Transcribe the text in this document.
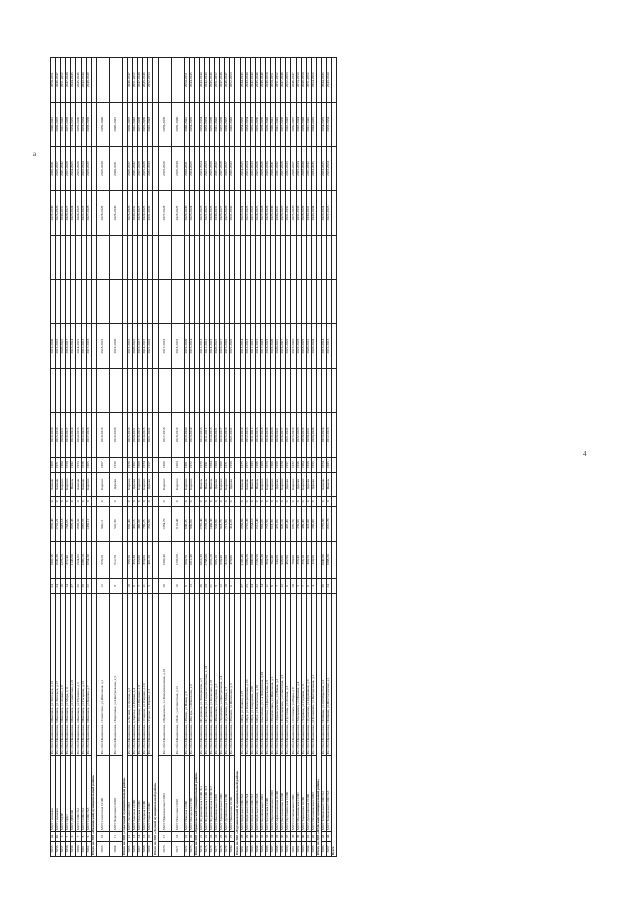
a
4
5055	4а	МОУ гимназия	Рос.Обл.Ивановская, г.Ивановск, ул.Энгельса, д.15	24	1892,56	1655,40	0	Каменн	1969	2019-2020		2019-2020			2029-2030	2030-2031	2040-2041	2050-2051
5056	4б	МОУ гимназия	Рос.Обл.Ивановская, г.Ивановск, ул.Энгельса, д.17	24	1945,30	1710,22	0	Каменн	1971	2015-2016		2015-2016			2025-2026	2026-2027	2036-2037	2046-2047
5057	3	МОУ ГЦЭР	Рос.Обл.Ивановская, г.Ивановск, ул.Ленина, д.9	19	1276,20	1045,18	0	Кирпич	1960	2020-2021		2020-2021			2030-2031	2031-2032	2041-2042	2051-2052
5058	5	МОУ ЦДО	Рос.Обл.Ивановская, г.Ивановск, ул.Мира, д.11	14	872,40	703,65	0	Кирпич	1958	2016-2017		2016-2017			2026-2027	2027-2028	2037-2038	2047-2048
5059	6	МОУ ДЮСШ	Рос.Обл.Ивановская, г.Ивановск, ул.Советская, д.21	27	2145,90	1876,45	0	Панель	1982	2013-2014		2013-2014			2023-2024	2024-2025	2034-2035	2044-2045
5060	7	МОУ СОШ №1	Рос.Обл.Ивановская, г.Ивановск, ул.Пушкина, д.3	25	1924,63	1698,02	0	Каменн	1973	2014-2015		2014-2015			2024-2025	2025-2026	2035-2036	2045-2046
5061	8	МОУ СОШ №2	Рос.Обл.Ивановская, г.Ивановск, ул.Гагарина, д.13	28	2260,10	1987,55	0	Каменн	1976	2012-2013		2012-2013			2022-2023	2023-2024	2033-2034	2043-2044
5062	9	МОУ СОШ №3	Рос.Обл.Ивановская, г.Ивановск, ул.Кирова, д.7	22	1654,34	1450,12	0	Кирпич	1965	2017-2018		2017-2018			2027-2028	2028-2029	2038-2039	2048-2049
Итого по МО «Ивановский муниципальный район»																		
5063	10	МОУ Советская СОШ	Рос.Обл.Ивановская, с.Советское, ул.Школьная, д.1	12	958,20	842,11	0	Кирпич	1967	2018-2019		2018-2019			2028-2029	2029-2030	2039-2040	
5064	11	МОУ Береговая ООШ	Рос.Обл.Ивановская, с.Береговое, ул.Центральная, д.5	8	612,70	541,30	0	Дерево	1959	2019-2020		2019-2020			2029-2030	2030-2031	2040-2041	
Итого по МО «Советский муниципальный район»																		
5065	12	МОУ Лесная СОШ	Рос.Обл.Ивановская, п.Лесной, ул.Лесная, д.2	10	788,50	692,40	0	Кирпич	1970	2015-2016		2015-2016			2025-2026	2026-2027	2036-2037	2046-2047
5066	13	МОУ Заречная ООШ	Рос.Обл.Ивановская, д.Заречье, ул.Речная, д.4	6	455,30	401,15	0	Дерево	1962	2020-2021		2020-2021			2030-2031	2031-2032	2041-2042	2051-2052
5067	14	МОУ Полевая ООШ	Рос.Обл.Ивановская, с.Полевое, ул.Полевая, д.8	7	523,80	466,90	0	Кирпич	1968	2016-2017		2016-2017			2026-2027	2027-2028	2037-2038	2047-2048
5068	15	МОУ Озерная СОШ	Рос.Обл.Ивановская, с.Озерное, ул.Озерная, д.10	11	874,60	769,25	0	Кирпич	1974	2014-2015		2014-2015			2024-2025	2025-2026	2035-2036	2045-2046
5069	16	МОУ Горная ООШ	Рос.Обл.Ивановская, с.Горное, ул.Горная, д.3	5	401,20	352,80	0	Дерево	1957	2021-2022		2021-2022			2031-2032	2032-2033	2042-2043	2052-2053
Итого по МО «Лесной муниципальный район»																		
5070	17	МОУ Приволжская СОШ	Рос.Обл.Ивановская, г.Приволжск, ул.Революционная, д.18	20	1566,40	1384,70	0	Кирпич	1966	2017-2018		2017-2018			2027-2028	2028-2029	2038-2039	
5071	18	МОУ Плесская СОШ	Рос.Обл.Ивановская, г.Плёс, ул.Советская, д.12	16	1256,90	1110,40	0	Кирпич	1963	2018-2019		2018-2019			2028-2029	2029-2030	2039-2040	
5072	19	МОУ Новская ООШ	Рос.Обл.Ивановская, с.Новое, ул.Новая, д.6	9	690,70	608,35	0	Кирпич	1961	2019-2020		2019-2020			2029-2030	2030-2031	2040-2041	2050-2051
5073	20	МОУ Ингарская СОШ	Рос.Обл.Ивановская, с.Ингарь, ул.Школьная, д.9	13	1012,40	890,60	0	Кирпич	1972	2013-2014		2013-2014			2023-2024	2024-2025	2034-2035	2044-2045
Итого по МО «Приволжский муниципальный район»																		
5074	21	МОУ Фурмановская СОШ №1	Рос.Обл.Ивановская, г.Фурманов, ул.Тимирязева, д.5	26	2010,30	1765,40	0	Панель	1979	2012-2013		2012-2013			2022-2023	2023-2024	2033-2034	2043-2044
5075	22	МОУ Фурмановская СОШ №3	Рос.Обл.Ивановская, г.Фурманов, ул.Социалистическая, д.14	23	1788,60	1570,20	0	Панель	1981	2011-2012		2011-2012			2021-2022	2022-2023	2032-2033	2042-2043
5076	23	МОУ Фурмановская СОШ №7	Рос.Обл.Ивановская, г.Фурманов, ул.Колосова, д.22	21	1655,20	1460,30	0	Панель	1984	2014-2015		2014-2015			2024-2025	2025-2026	2035-2036	2045-2046
5077	24	МОУ Иванковская ООШ	Рос.Обл.Ивановская, с.Иванково, ул.Садовая, д.2	8	605,10	533,90	0	Дерево	1960	2020-2021		2020-2021			2030-2031	2031-2032	2041-2042	2051-2052
5078	25	МОУ Хромцовская СОШ	Рос.Обл.Ивановская, с.Хромцово, ул.Центральная, д.4	12	930,40	818,70	0	Кирпич	1969	2016-2017		2016-2017			2026-2027	2027-2028	2037-2038	2047-2048
5079	26	МОУ Дуляпинская СОШ	Рос.Обл.Ивановская, с.Дуляпино, ул.Мира, д.7	10	812,60	715,80	0	Кирпич	1971	2015-2016		2015-2016			2025-2026	2026-2027	2036-2037	2046-2047
5080	27	МОУ Панинская ООШ	Рос.Обл.Ивановская, с.Панино, ул.Школьная, д.3	6	470,80	414,20	0	Дерево	1958	2021-2022		2021-2022			2031-2032	2032-2033	2042-2043	2052-2053
Итого по МО «Фурмановский муниципальный район»																		
5081	28	МОУ Шуйская СОШ №2	Рос.Обл.Ивановская, г.Шуя, ул.Ленина, д.27	27	2105,40	1850,60	0	Каменн	1975	2013-2014		2013-2014			2023-2024	2024-2025	2034-2035	2044-2045
5082	29	МОУ Шуйская СОШ №4	Рос.Обл.Ивановская, г.Шуя, ул.Кооперативная, д.10	25	1960,20	1722,30	0	Каменн	1977	2012-2013		2012-2013			2022-2023	2023-2024	2033-2034	2043-2044
5083	30	МОУ Шуйская СОШ №7	Рос.Обл.Ивановская, г.Шуя, ул.Свердлова, д.99	24	1880,90	1654,10	0	Панель	1983	2011-2012		2011-2012			2021-2022	2022-2023	2032-2033	2042-2043
5084	31	МОУ Шуйская СОШ №8	Рос.Обл.Ивановская, г.Шуя, ул.Вокзальная, д.16	22	1720,50	1512,40	0	Панель	1986	2014-2015		2014-2015			2024-2025	2025-2026	2035-2036	2045-2046
5085	32	МОУ Колобовская СОШ	Рос.Обл.Ивановская, п.Колобово, ул.1-я Фабричная, д.34	14	1095,30	963,20	0	Кирпич	1968	2017-2018		2017-2018			2027-2028	2028-2029	2038-2039	2048-2049
5086	33	МОУ Китовская СОШ	Рос.Обл.Ивановская, с.Китово, ул.Центральная, д.8	11	860,70	757,50	0	Кирпич	1973	2018-2019		2018-2019			2028-2029	2029-2030	2039-2040	2049-2050
5087	34	МОУ Перемиловская СОШ	Рос.Обл.Ивановская, с.Перемилово, ул.Школьная, д.1	9	702,40	618,30	0	Кирпич	1966	2019-2020		2019-2020			2029-2030	2030-2031	2040-2041	2050-2051
5088	35	МОУ Афанасьевская ООШ	Рос.Обл.Ивановская, с.Афанасьевское, ул.Новая, д.2	7	540,20	475,60	0	Дерево	1959	2020-2021		2020-2021			2030-2031	2031-2032	2041-2042	2051-2052
5089	36	МОУ Васильевская СОШ	Рос.Обл.Ивановская, с.Васильевское, ул.Советская, д.5	12	938,80	826,10	0	Кирпич	1970	2016-2017		2016-2017			2026-2027	2027-2028	2037-2038	2047-2048
5090	37	МОУ Пустошенская ООШ	Рос.Обл.Ивановская, д.Пустошь, ул.Лесная, д.3	6	462,90	407,40	0	Дерево	1957	2021-2022		2021-2022			2031-2032	2032-2033	2042-2043	2052-2053
5091	38	МОУ Остаповская СОШ	Рос.Обл.Ивановская, с.Остапово, ул.Мира, д.9	10	790,60	695,70	0	Кирпич	1972	2015-2016		2015-2016			2025-2026	2026-2027	2036-2037	2046-2047
5092	39	МОУ Милюковская ООШ	Рос.Обл.Ивановская, с.Милюково, ул.Полевая, д.4	5	398,40	350,60	0	Дерево	1956	2022-2023		2022-2023			2032-2033	2033-2034	2043-2044	2053-2054
5093	40	МОУ Харинская ООШ	Рос.Обл.Ивановская, с.Харинка, ул.Садовая, д.11	7	556,10	489,40	0	Кирпич	1964	2018-2019		2018-2019			2028-2029	2029-2030	2039-2040	2049-2050
5094	41	МОУ Дуниловская ООШ	Рос.Обл.Ивановская, с.Дунилово, ул.Церковная, д.6	6	480,70	423,00	0	Дерево	1958	2020-2021		2020-2021			2030-2031	2031-2032	2041-2042	2051-2052
5095	42	МОУ Печниковская ООШ	Рос.Обл.Ивановская, д.Печниково, ул.Центральная, д.1	4	320,50	282,00	0	Дерево	1955	2023-2024		2023-2024			2033-2034	2034-2035	2044-2045	2054-2055
Итого по МО «Шуйский муниципальный район»																		
5096	43	МОУ Тейковская СОШ №1	Рос.Обл.Ивановская, г.Тейково, ул.Октябрьская, д.2	26	2040,80	1795,90	0	Каменн	1974	2013-2014		2013-2014			2023-2024	2024-2025	2034-2035	2044-2045
5097	44	МОУ Тейковская СОШ №3	Рос.Обл.Ивановская, г.Тейково, ул.Шестагинская, д.1	24	1888,30	1661,70	0	Панель	1985	2012-2013		2012-2013			2022-2023	2023-2024	2033-2034	2043-2044
Всего																		
